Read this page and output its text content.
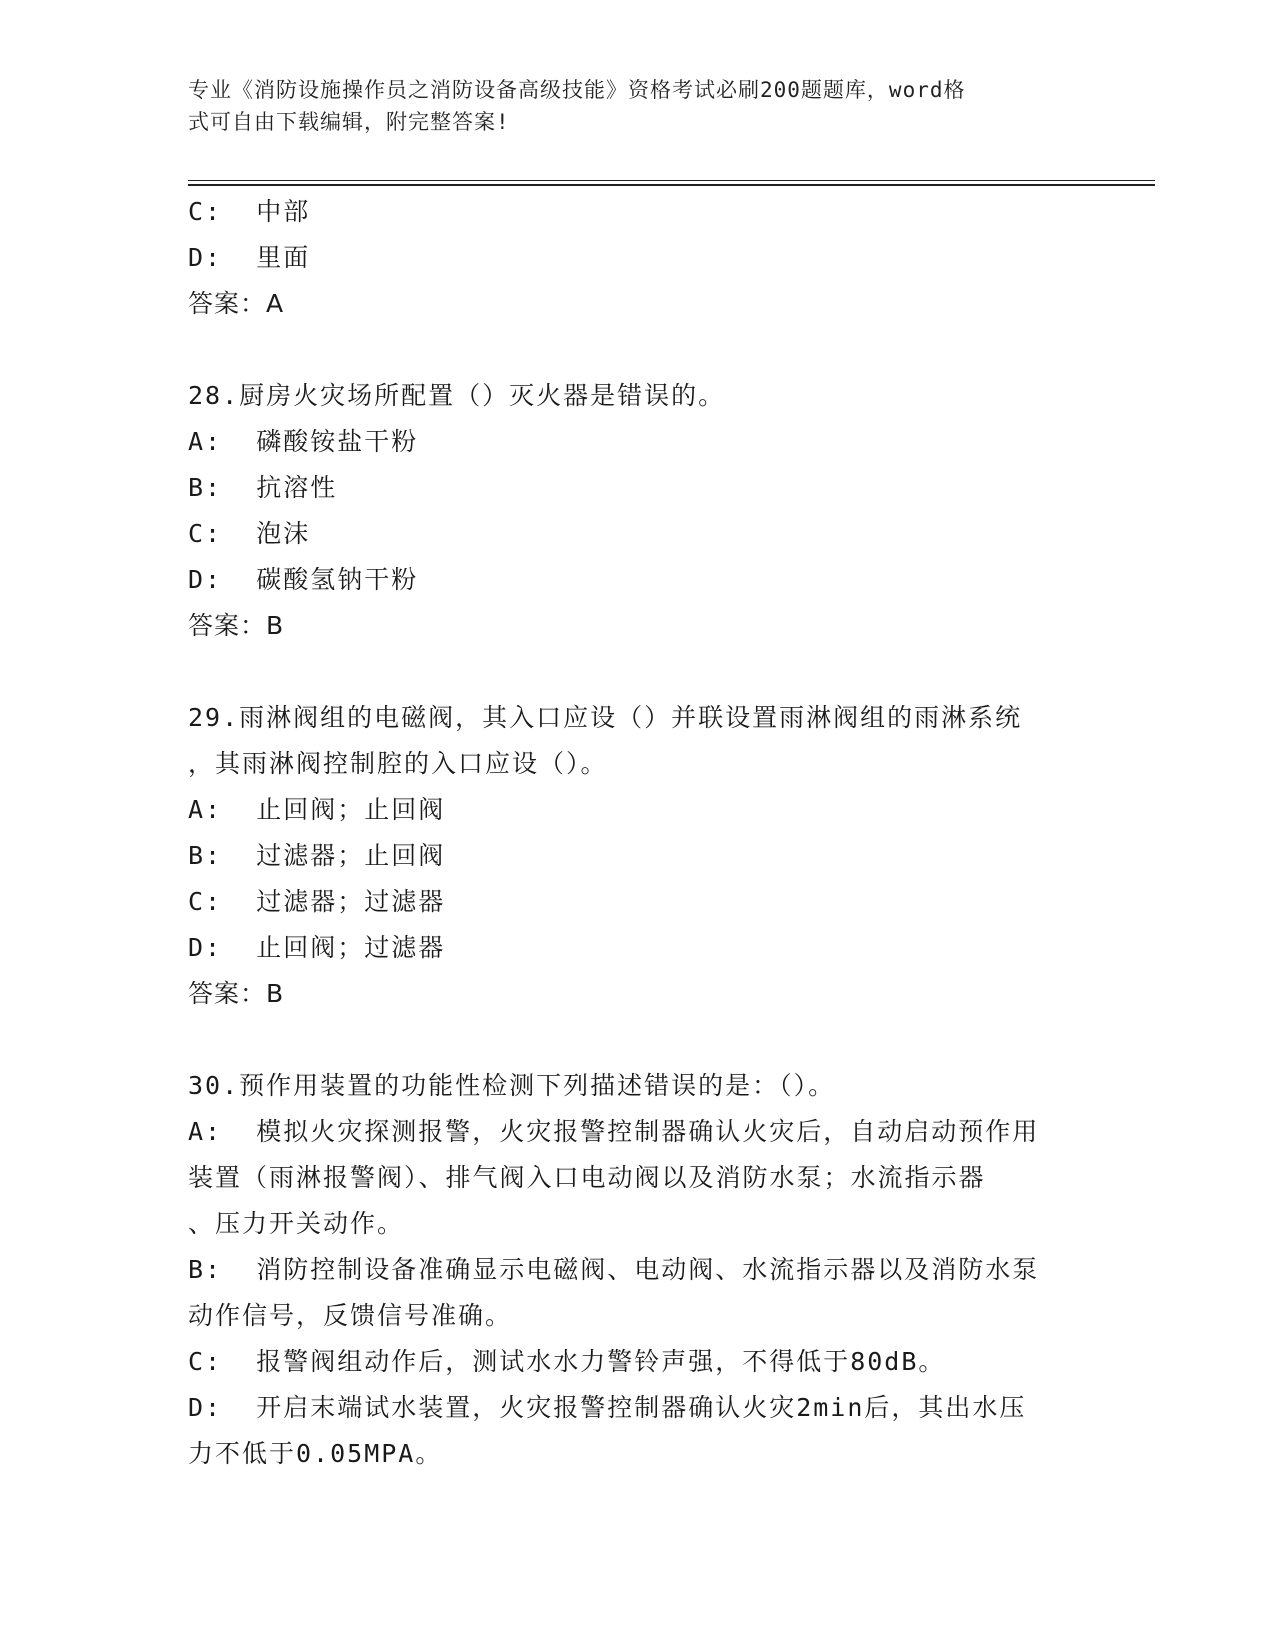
专业《消防设施操作员之消防设备高级技能》资格考试必刷200题题库，word格
式可自由下载编辑，附完整答案!
C:  中部
D:  里面
答案：A
28.厨房火灾场所配置（）灭火器是错误的。
A:  磷酸铵盐干粉
B:  抗溶性
C:  泡沫
D:  碳酸氢钠干粉
答案：B
29.雨淋阀组的电磁阀，其入口应设（）并联设置雨淋阀组的雨淋系统
，其雨淋阀控制腔的入口应设（）。
A:  止回阀；止回阀
B:  过滤器；止回阀
C:  过滤器；过滤器
D:  止回阀；过滤器
答案：B
30.预作用装置的功能性检测下列描述错误的是：（）。
A:  模拟火灾探测报警，火灾报警控制器确认火灾后，自动启动预作用
装置（雨淋报警阀）、排气阀入口电动阀以及消防水泵；水流指示器
、压力开关动作。
B:  消防控制设备准确显示电磁阀、电动阀、水流指示器以及消防水泵
动作信号，反馈信号准确。
C:  报警阀组动作后，测试水水力警铃声强，不得低于80dB。
D:  开启末端试水装置，火灾报警控制器确认火灾2min后，其出水压
力不低于0.05MPA。
